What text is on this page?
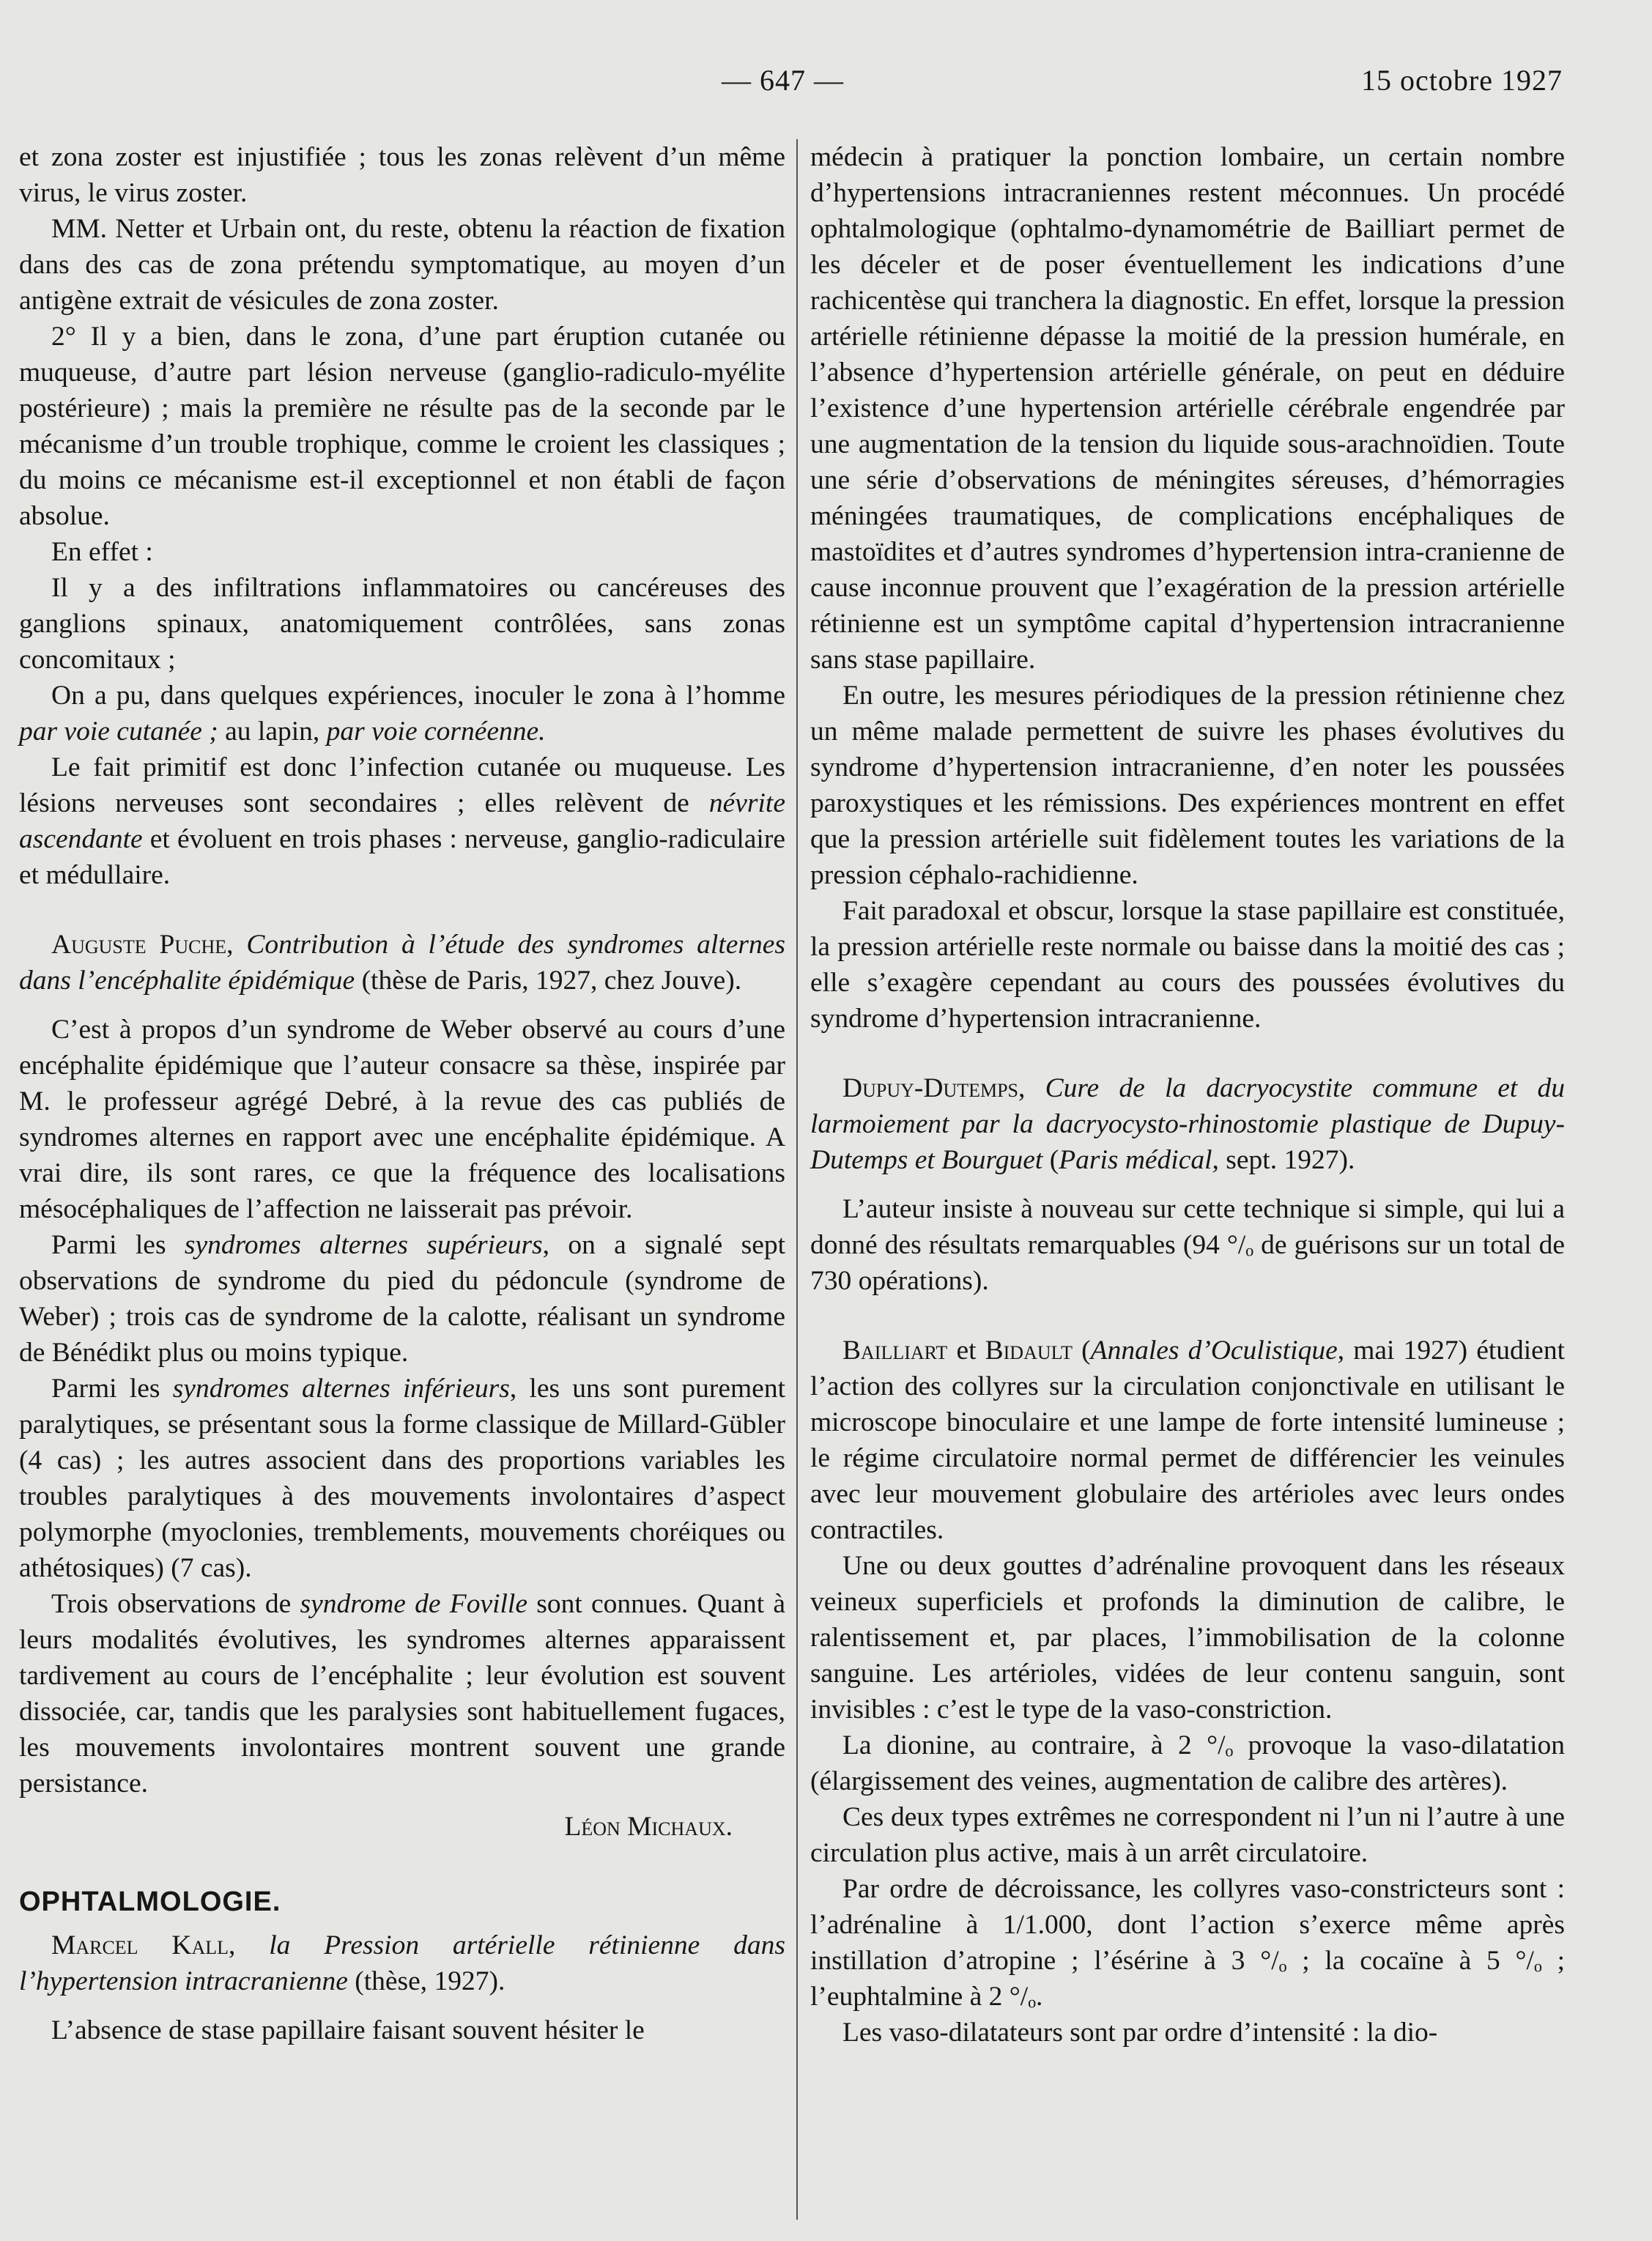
— 647 —	15 octobre 1927

et zona zoster est injustifiée ; tous les zonas relèvent d’un même virus, le virus zoster.

MM. Netter et Urbain ont, du reste, obtenu la réaction de fixation dans des cas de zona prétendu symptomatique, au moyen d’un antigène extrait de vésicules de zona zoster.

2° Il y a bien, dans le zona, d’une part éruption cutanée ou muqueuse, d’autre part lésion nerveuse (ganglio-radiculo-myélite postérieure) ; mais la première ne résulte pas de la seconde par le mécanisme d’un trouble trophique, comme le croient les classiques ; du moins ce mécanisme est-il exceptionnel et non établi de façon absolue.

En effet :

Il y a des infiltrations inflammatoires ou cancéreuses des ganglions spinaux, anatomiquement contrôlées, sans zonas concomitaux ;

On a pu, dans quelques expériences, inoculer le zona à l’homme par voie cutanée ; au lapin, par voie cornéenne.

Le fait primitif est donc l’infection cutanée ou muqueuse. Les lésions nerveuses sont secondaires ; elles relèvent de névrite ascendante et évoluent en trois phases : nerveuse, ganglio-radiculaire et médullaire.

Auguste Puche, Contribution à l’étude des syndromes alternes dans l’encéphalite épidémique (thèse de Paris, 1927, chez Jouve).

C’est à propos d’un syndrome de Weber observé au cours d’une encéphalite épidémique que l’auteur consacre sa thèse, inspirée par M. le professeur agrégé Debré, à la revue des cas publiés de syndromes alternes en rapport avec une encéphalite épidémique. A vrai dire, ils sont rares, ce que la fréquence des localisations mésocéphaliques de l’affection ne laisserait pas prévoir.

Parmi les syndromes alternes supérieurs, on a signalé sept observations de syndrome du pied du pédoncule (syndrome de Weber) ; trois cas de syndrome de la calotte, réalisant un syndrome de Bénédikt plus ou moins typique.

Parmi les syndromes alternes inférieurs, les uns sont purement paralytiques, se présentant sous la forme classique de Millard-Gübler (4 cas) ; les autres associent dans des proportions variables les troubles paralytiques à des mouvements involontaires d’aspect polymorphe (myoclonies, tremblements, mouvements choréiques ou athétosiques) (7 cas).

Trois observations de syndrome de Foville sont connues. Quant à leurs modalités évolutives, les syndromes alternes apparaissent tardivement au cours de l’encéphalite ; leur évolution est souvent dissociée, car, tandis que les paralysies sont habituellement fugaces, les mouvements involontaires montrent souvent une grande persistance.

Léon Michaux.

OPHTALMOLOGIE.

Marcel Kall, la Pression artérielle rétinienne dans l’hypertension intracranienne (thèse, 1927).

L’absence de stase papillaire faisant souvent hésiter le

médecin à pratiquer la ponction lombaire, un certain nombre d’hypertensions intracraniennes restent méconnues. Un procédé ophtalmologique (ophtalmo-dynamométrie de Bailliart permet de les déceler et de poser éventuellement les indications d’une rachicentèse qui tranchera la diagnostic. En effet, lorsque la pression artérielle rétinienne dépasse la moitié de la pression humérale, en l’absence d’hypertension artérielle générale, on peut en déduire l’existence d’une hypertension artérielle cérébrale engendrée par une augmentation de la tension du liquide sous-arachnoïdien. Toute une série d’observations de méningites séreuses, d’hémorragies méningées traumatiques, de complications encéphaliques de mastoïdites et d’autres syndromes d’hypertension intra-cranienne de cause inconnue prouvent que l’exagération de la pression artérielle rétinienne est un symptôme capital d’hypertension intracranienne sans stase papillaire.

En outre, les mesures périodiques de la pression rétinienne chez un même malade permettent de suivre les phases évolutives du syndrome d’hypertension intracranienne, d’en noter les poussées paroxystiques et les rémissions. Des expériences montrent en effet que la pression artérielle suit fidèlement toutes les variations de la pression céphalo-rachidienne.

Fait paradoxal et obscur, lorsque la stase papillaire est constituée, la pression artérielle reste normale ou baisse dans la moitié des cas ; elle s’exagère cependant au cours des poussées évolutives du syndrome d’hypertension intracranienne.

Dupuy-Dutemps, Cure de la dacryocystite commune et du larmoiement par la dacryocysto-rhinostomie plastique de Dupuy-Dutemps et Bourguet (Paris médical, sept. 1927).

L’auteur insiste à nouveau sur cette technique si simple, qui lui a donné des résultats remarquables (94 °/ₒ de guérisons sur un total de 730 opérations).

Bailliart et Bidault (Annales d’Oculistique, mai 1927) étudient l’action des collyres sur la circulation conjonctivale en utilisant le microscope binoculaire et une lampe de forte intensité lumineuse ; le régime circulatoire normal permet de différencier les veinules avec leur mouvement globulaire des artérioles avec leurs ondes contractiles.

Une ou deux gouttes d’adrénaline provoquent dans les réseaux veineux superficiels et profonds la diminution de calibre, le ralentissement et, par places, l’immobilisation de la colonne sanguine. Les artérioles, vidées de leur contenu sanguin, sont invisibles : c’est le type de la vaso-constriction.

La dionine, au contraire, à 2 °/ₒ provoque la vaso-dilatation (élargissement des veines, augmentation de calibre des artères).

Ces deux types extrêmes ne correspondent ni l’un ni l’autre à une circulation plus active, mais à un arrêt circulatoire.

Par ordre de décroissance, les collyres vaso-constricteurs sont : l’adrénaline à 1/1.000, dont l’action s’exerce même après instillation d’atropine ; l’ésérine à 3 °/ₒ ; la cocaïne à 5 °/ₒ ; l’euphtalmine à 2 °/ₒ.

Les vaso-dilatateurs sont par ordre d’intensité : la dio-
